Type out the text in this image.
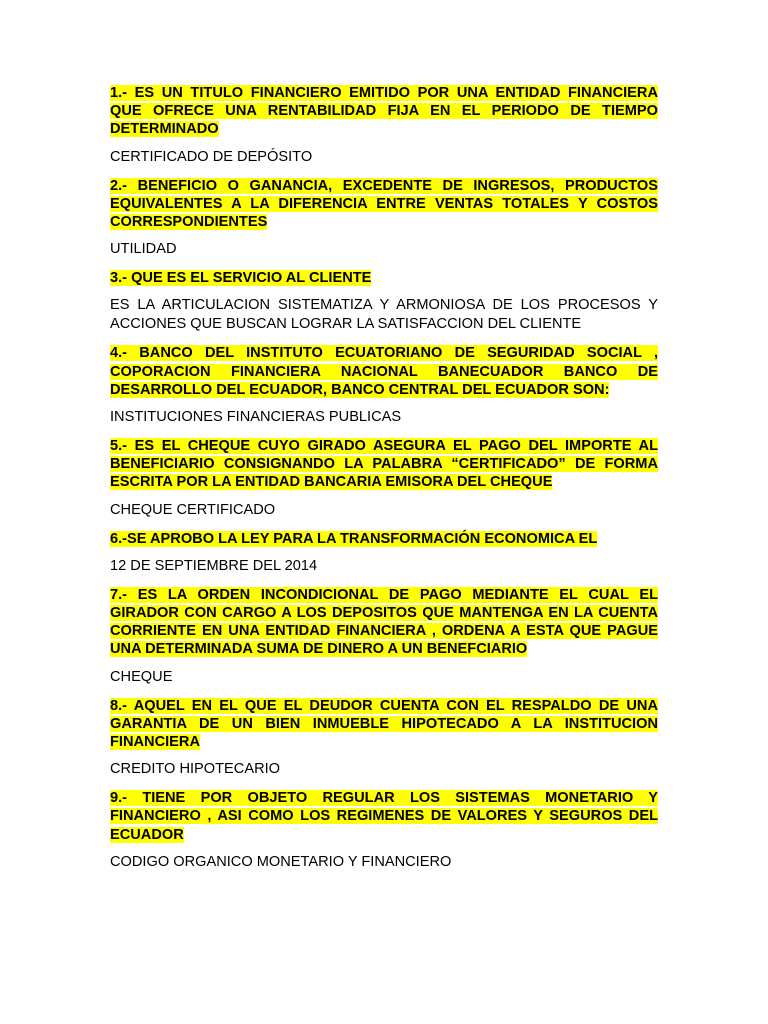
1.- ES UN TITULO FINANCIERO EMITIDO POR UNA ENTIDAD FINANCIERA QUE OFRECE UNA RENTABILIDAD FIJA EN EL PERIODO DE TIEMPO DETERMINADO

CERTIFICADO DE DEPÓSITO

2.- BENEFICIO O GANANCIA, EXCEDENTE DE INGRESOS, PRODUCTOS EQUIVALENTES A LA DIFERENCIA ENTRE VENTAS TOTALES Y COSTOS CORRESPONDIENTES

UTILIDAD

3.- QUE ES EL SERVICIO AL CLIENTE

ES LA ARTICULACION SISTEMATIZA Y ARMONIOSA DE LOS PROCESOS Y ACCIONES QUE BUSCAN LOGRAR LA SATISFACCION DEL CLIENTE

4.- BANCO DEL INSTITUTO ECUATORIANO DE SEGURIDAD SOCIAL , COPORACION FINANCIERA NACIONAL BANECUADOR BANCO DE DESARROLLO DEL ECUADOR, BANCO CENTRAL DEL ECUADOR SON:

INSTITUCIONES FINANCIERAS PUBLICAS

5.- ES EL CHEQUE CUYO GIRADO ASEGURA EL PAGO DEL IMPORTE AL BENEFICIARIO CONSIGNANDO LA PALABRA “CERTIFICADO” DE FORMA ESCRITA POR LA ENTIDAD BANCARIA EMISORA DEL CHEQUE

CHEQUE CERTIFICADO

6.-SE APROBO LA LEY PARA LA TRANSFORMACIÓN ECONOMICA EL

12 DE SEPTIEMBRE DEL 2014

7.- ES LA ORDEN INCONDICIONAL DE PAGO MEDIANTE EL CUAL EL GIRADOR CON CARGO A LOS DEPOSITOS QUE MANTENGA EN LA CUENTA CORRIENTE EN UNA ENTIDAD FINANCIERA , ORDENA A ESTA QUE PAGUE UNA DETERMINADA SUMA DE DINERO A UN BENEFCIARIO

CHEQUE

8.- AQUEL EN EL QUE EL DEUDOR CUENTA CON EL RESPALDO DE UNA GARANTIA DE UN BIEN INMUEBLE HIPOTECADO A LA INSTITUCION FINANCIERA

CREDITO HIPOTECARIO

9.- TIENE POR OBJETO REGULAR LOS SISTEMAS MONETARIO Y FINANCIERO , ASI COMO LOS REGIMENES DE VALORES Y SEGUROS DEL ECUADOR

CODIGO ORGANICO MONETARIO Y FINANCIERO
